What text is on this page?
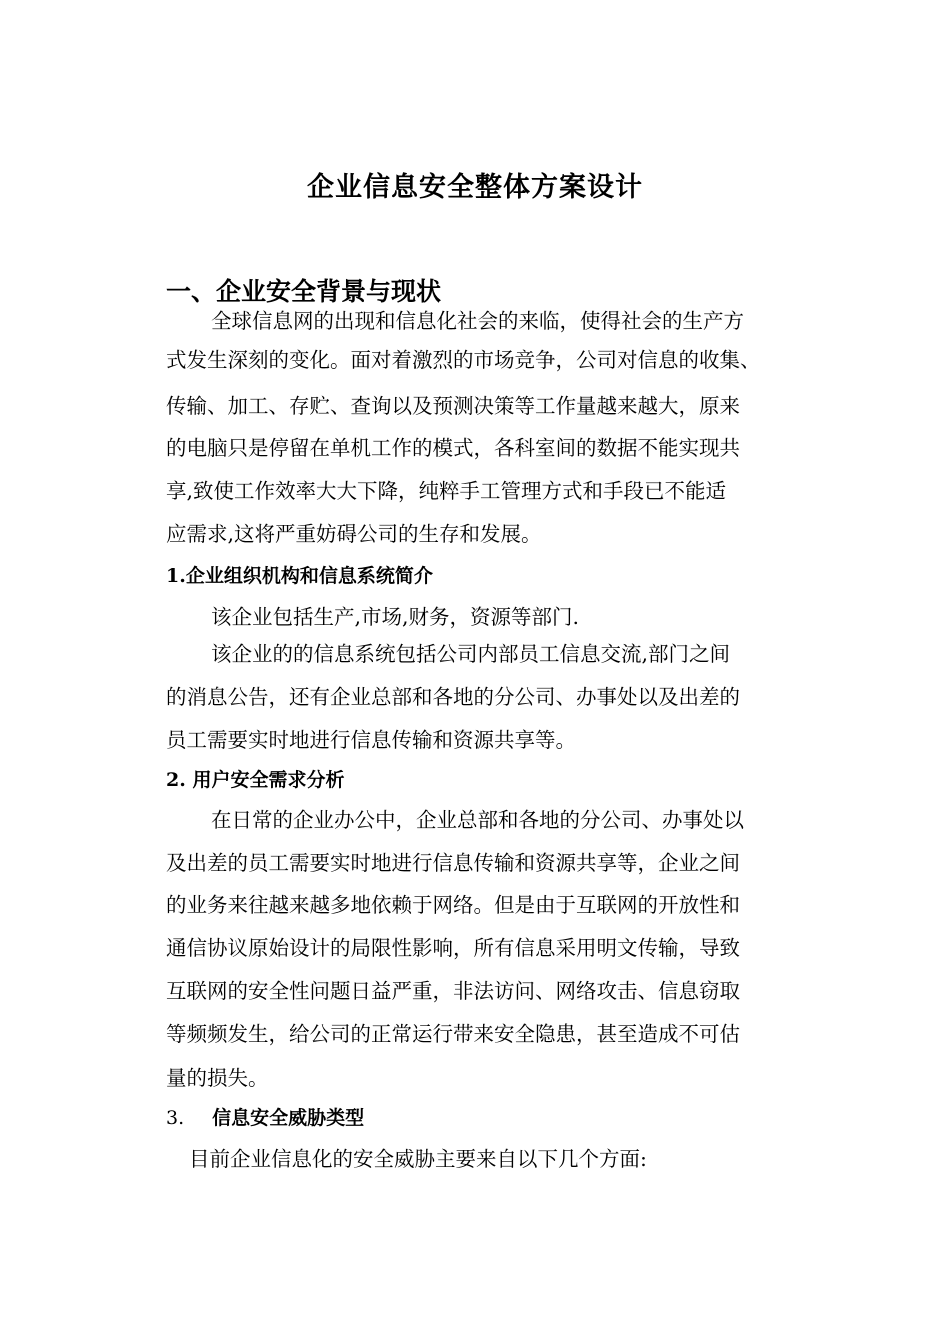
企业信息安全整体方案设计
一、企业安全背景与现状
全球信息网的出现和信息化社会的来临，使得社会的生产方
式发生深刻的变化。面对着激烈的市场竞争，公司对信息的收集、
传输、加工、存贮、查询以及预测决策等工作量越来越大，原来
的电脑只是停留在单机工作的模式，各科室间的数据不能实现共
享,致使工作效率大大下降，纯粹手工管理方式和手段已不能适
应需求,这将严重妨碍公司的生存和发展。
1.企业组织机构和信息系统简介
该企业包括生产,市场,财务，资源等部门.
该企业的的信息系统包括公司内部员工信息交流,部门之间
的消息公告，还有企业总部和各地的分公司、办事处以及出差的
员工需要实时地进行信息传输和资源共享等。
2. 用户安全需求分析
在日常的企业办公中，企业总部和各地的分公司、办事处以
及出差的员工需要实时地进行信息传输和资源共享等，企业之间
的业务来往越来越多地依赖于网络。但是由于互联网的开放性和
通信协议原始设计的局限性影响，所有信息采用明文传输，导致
互联网的安全性问题日益严重，非法访问、网络攻击、信息窃取
等频频发生，给公司的正常运行带来安全隐患，甚至造成不可估
量的损失。
3. 信息安全威胁类型
目前企业信息化的安全威胁主要来自以下几个方面:
